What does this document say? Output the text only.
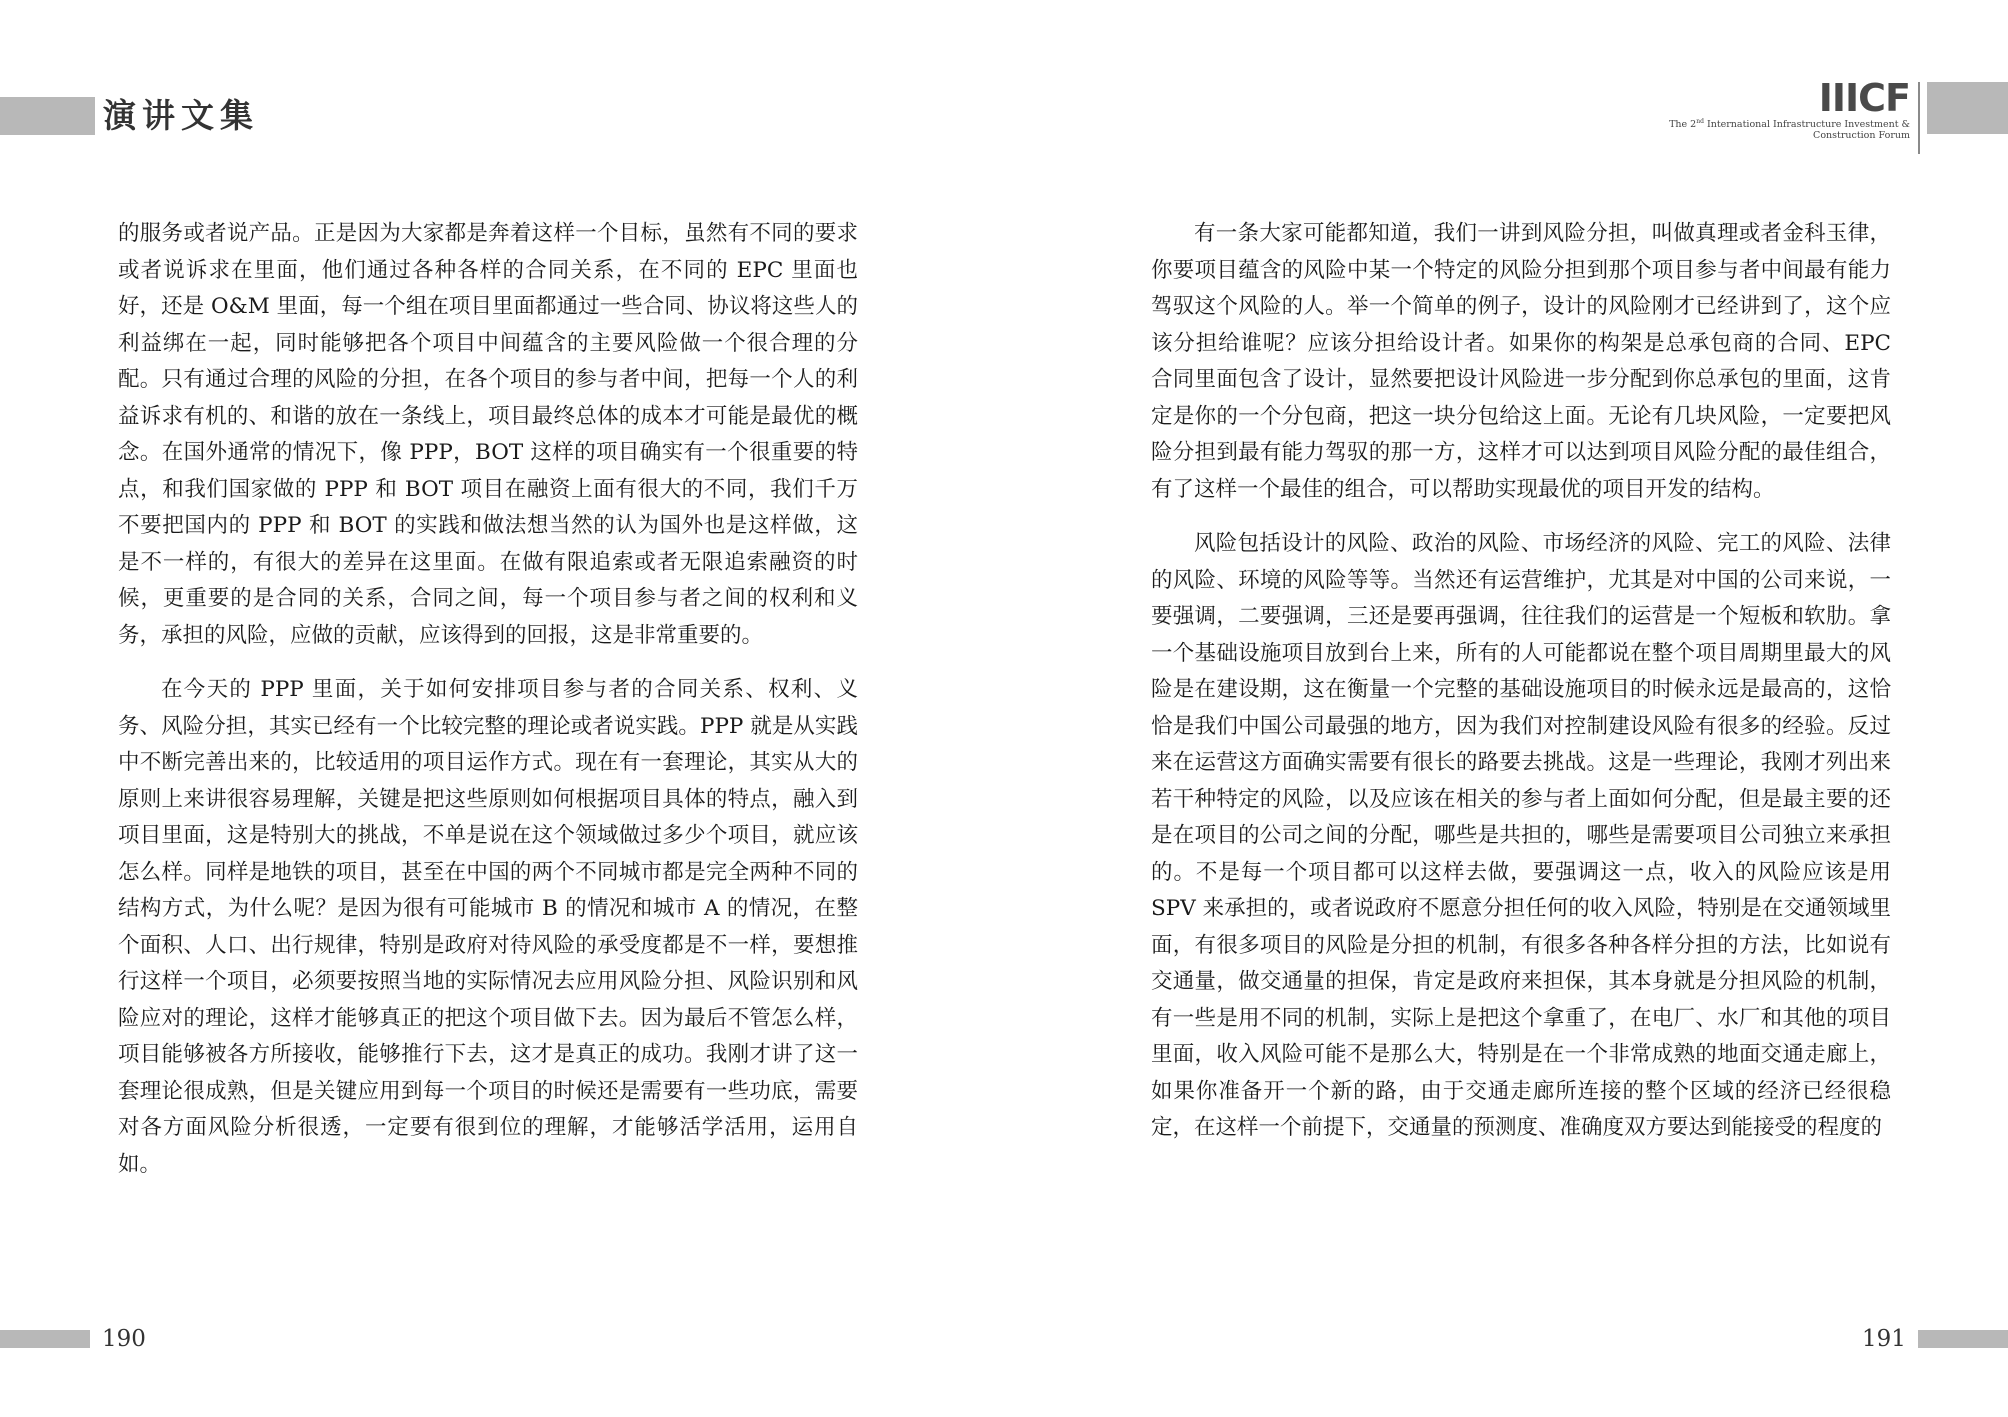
演讲文集	IIICF
The 2nd International Infrastructure Investment &
Construction Forum

的服务或者说产品。正是因为大家都是奔着这样一个目标，虽然有不同的要求或者说诉求在里面，他们通过各种各样的合同关系，在不同的 EPC 里面也好，还是 O&M 里面，每一个组在项目里面都通过一些合同、协议将这些人的利益绑在一起，同时能够把各个项目中间蕴含的主要风险做一个很合理的分配。只有通过合理的风险的分担，在各个项目的参与者中间，把每一个人的利益诉求有机的、和谐的放在一条线上，项目最终总体的成本才可能是最优的概念。在国外通常的情况下，像 PPP，BOT 这样的项目确实有一个很重要的特点，和我们国家做的 PPP 和 BOT 项目在融资上面有很大的不同，我们千万不要把国内的 PPP 和 BOT 的实践和做法想当然的认为国外也是这样做，这是不一样的，有很大的差异在这里面。在做有限追索或者无限追索融资的时候，更重要的是合同的关系，合同之间，每一个项目参与者之间的权利和义务，承担的风险，应做的贡献，应该得到的回报，这是非常重要的。

在今天的 PPP 里面，关于如何安排项目参与者的合同关系、权利、义务、风险分担，其实已经有一个比较完整的理论或者说实践。PPP 就是从实践中不断完善出来的，比较适用的项目运作方式。现在有一套理论，其实从大的原则上来讲很容易理解，关键是把这些原则如何根据项目具体的特点，融入到项目里面，这是特别大的挑战，不单是说在这个领域做过多少个项目，就应该怎么样。同样是地铁的项目，甚至在中国的两个不同城市都是完全两种不同的结构方式，为什么呢？是因为很有可能城市 B 的情况和城市 A 的情况，在整个面积、人口、出行规律，特别是政府对待风险的承受度都是不一样，要想推行这样一个项目，必须要按照当地的实际情况去应用风险分担、风险识别和风险应对的理论，这样才能够真正的把这个项目做下去。因为最后不管怎么样，项目能够被各方所接收，能够推行下去，这才是真正的成功。我刚才讲了这一套理论很成熟，但是关键应用到每一个项目的时候还是需要有一些功底，需要对各方面风险分析很透，一定要有很到位的理解，才能够活学活用，运用自如。

有一条大家可能都知道，我们一讲到风险分担，叫做真理或者金科玉律，你要项目蕴含的风险中某一个特定的风险分担到那个项目参与者中间最有能力驾驭这个风险的人。举一个简单的例子，设计的风险刚才已经讲到了，这个应该分担给谁呢？应该分担给设计者。如果你的构架是总承包商的合同、EPC 合同里面包含了设计，显然要把设计风险进一步分配到你总承包的里面，这肯定是你的一个分包商，把这一块分包给这上面。无论有几块风险，一定要把风险分担到最有能力驾驭的那一方，这样才可以达到项目风险分配的最佳组合，有了这样一个最佳的组合，可以帮助实现最优的项目开发的结构。

风险包括设计的风险、政治的风险、市场经济的风险、完工的风险、法律的风险、环境的风险等等。当然还有运营维护，尤其是对中国的公司来说，一要强调，二要强调，三还是要再强调，往往我们的运营是一个短板和软肋。拿一个基础设施项目放到台上来，所有的人可能都说在整个项目周期里最大的风险是在建设期，这在衡量一个完整的基础设施项目的时候永远是最高的，这恰恰是我们中国公司最强的地方，因为我们对控制建设风险有很多的经验。反过来在运营这方面确实需要有很长的路要去挑战。这是一些理论，我刚才列出来若干种特定的风险，以及应该在相关的参与者上面如何分配，但是最主要的还是在项目的公司之间的分配，哪些是共担的，哪些是需要项目公司独立来承担的。不是每一个项目都可以这样去做，要强调这一点，收入的风险应该是用 SPV 来承担的，或者说政府不愿意分担任何的收入风险，特别是在交通领域里面，有很多项目的风险是分担的机制，有很多各种各样分担的方法，比如说有交通量，做交通量的担保，肯定是政府来担保，其本身就是分担风险的机制，有一些是用不同的机制，实际上是把这个拿重了，在电厂、水厂和其他的项目里面，收入风险可能不是那么大，特别是在一个非常成熟的地面交通走廊上，如果你准备开一个新的路，由于交通走廊所连接的整个区域的经济已经很稳定，在这样一个前提下，交通量的预测度、准确度双方要达到能接受的程度的

190	191
